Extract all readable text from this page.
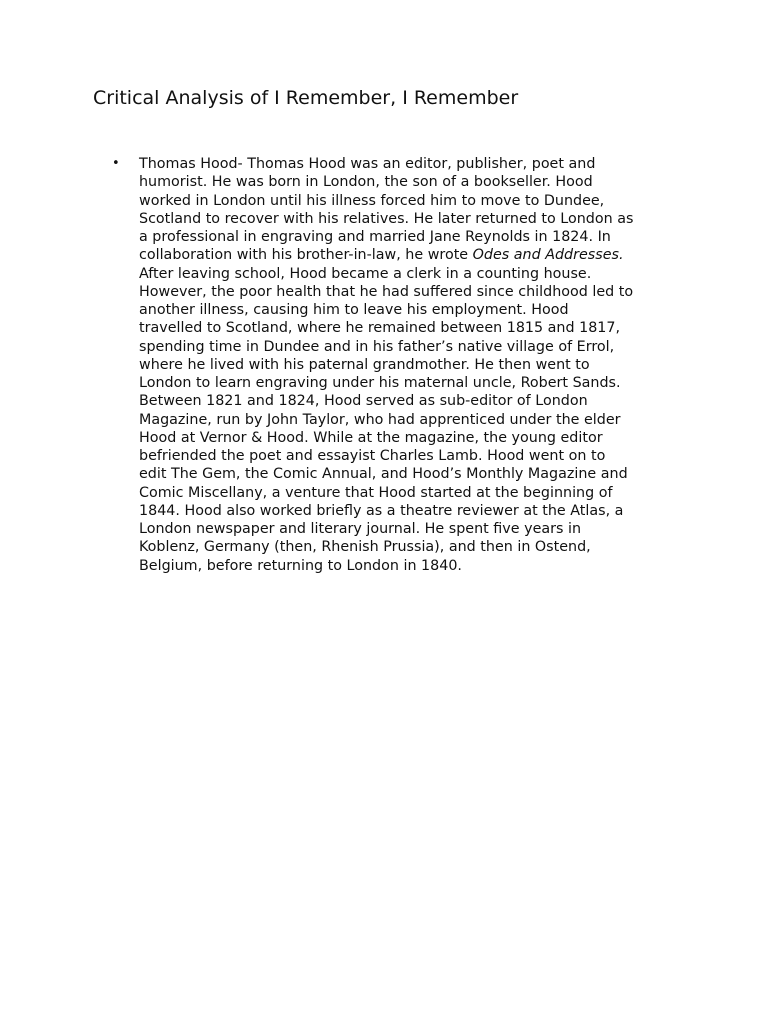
Critical Analysis of I Remember, I Remember
• Thomas Hood- Thomas Hood was an editor, publisher, poet and
humorist. He was born in London, the son of a bookseller. Hood
worked in London until his illness forced him to move to Dundee,
Scotland to recover with his relatives. He later returned to London as
a professional in engraving and married Jane Reynolds in 1824. In
collaboration with his brother-in-law, he wrote Odes and Addresses.
After leaving school, Hood became a clerk in a counting house.
However, the poor health that he had suffered since childhood led to
another illness, causing him to leave his employment. Hood
travelled to Scotland, where he remained between 1815 and 1817,
spending time in Dundee and in his father’s native village of Errol,
where he lived with his paternal grandmother. He then went to
London to learn engraving under his maternal uncle, Robert Sands.
Between 1821 and 1824, Hood served as sub-editor of London
Magazine, run by John Taylor, who had apprenticed under the elder
Hood at Vernor & Hood. While at the magazine, the young editor
befriended the poet and essayist Charles Lamb. Hood went on to
edit The Gem, the Comic Annual, and Hood’s Monthly Magazine and
Comic Miscellany, a venture that Hood started at the beginning of
1844. Hood also worked briefly as a theatre reviewer at the Atlas, a
London newspaper and literary journal. He spent five years in
Koblenz, Germany (then, Rhenish Prussia), and then in Ostend,
Belgium, before returning to London in 1840.
